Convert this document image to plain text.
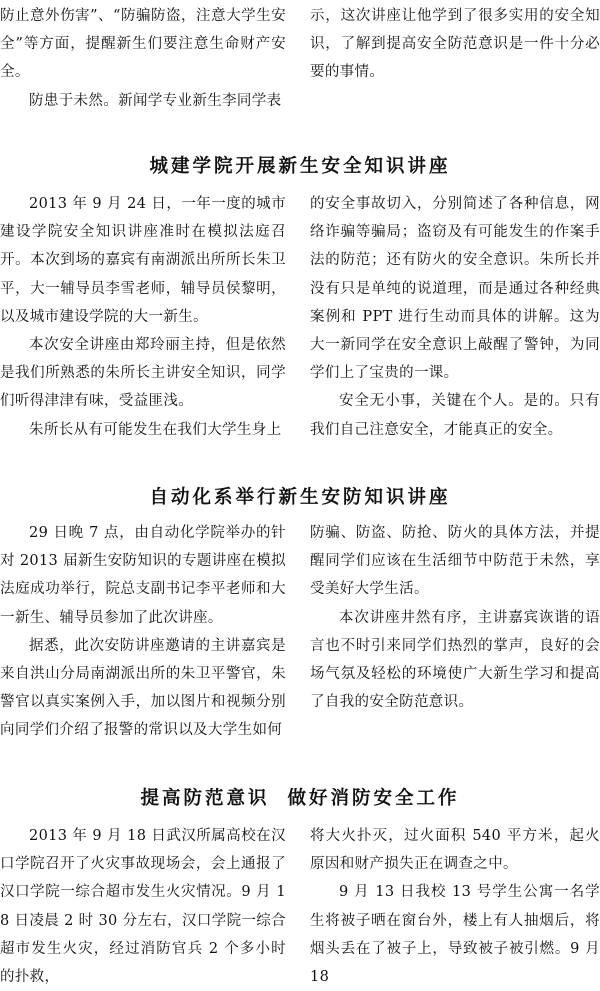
防止意外伤害”、“防骗防盗，注意大学生安全”等方面，提醒新生们要注意生命财产安全。

防患于未然。新闻学专业新生李同学表

示，这次讲座让他学到了很多实用的安全知识，了解到提高安全防范意识是一件十分必要的事情。

城建学院开展新生安全知识讲座

2013 年 9 月 24 日，一年一度的城市建设学院安全知识讲座准时在模拟法庭召开。本次到场的嘉宾有南湖派出所所长朱卫平，大一辅导员李雪老师，辅导员侯黎明，以及城市建设学院的大一新生。

本次安全讲座由郑玲丽主持，但是依然是我们所熟悉的朱所长主讲安全知识，同学们听得津津有味，受益匪浅。

朱所长从有可能发生在我们大学生身上

的安全事故切入，分别简述了各种信息，网络诈骗等骗局；盗窃及有可能发生的作案手法的防范；还有防火的安全意识。朱所长并没有只是单纯的说道理，而是通过各种经典案例和 PPT 进行生动而具体的讲解。这为大一新同学在安全意识上敲醒了警钟，为同学们上了宝贵的一课。

安全无小事，关键在个人。是的。只有我们自己注意安全，才能真正的安全。

自动化系举行新生安防知识讲座

29 日晚 7 点，由自动化学院举办的针对 2013 届新生安防知识的专题讲座在模拟法庭成功举行，院总支副书记李平老师和大一新生、辅导员参加了此次讲座。

据悉，此次安防讲座邀请的主讲嘉宾是来自洪山分局南湖派出所的朱卫平警官，朱警官以真实案例入手，加以图片和视频分别向同学们介绍了报警的常识以及大学生如何

防骗、防盗、防抢、防火的具体方法，并提醒同学们应该在生活细节中防范于未然，享受美好大学生活。

本次讲座井然有序，主讲嘉宾诙谐的语言也不时引来同学们热烈的掌声，良好的会场气氛及轻松的环境使广大新生学习和提高了自我的安全防范意识。

提高防范意识 做好消防安全工作

2013 年 9 月 18 日武汉所属高校在汉口学院召开了火灾事故现场会，会上通报了汉口学院一综合超市发生火灾情况。9 月 18 日凌晨 2 时 30 分左右，汉口学院一综合超市发生火灾，经过消防官兵 2 个多小时的扑救，

将大火扑灭，过火面积 540 平方米，起火原因和财产损失正在调查之中。

9 月 13 日我校 13 号学生公寓一名学生将被子晒在窗台外，楼上有人抽烟后，将烟头丢在了被子上，导致被子被引燃。9 月 18
